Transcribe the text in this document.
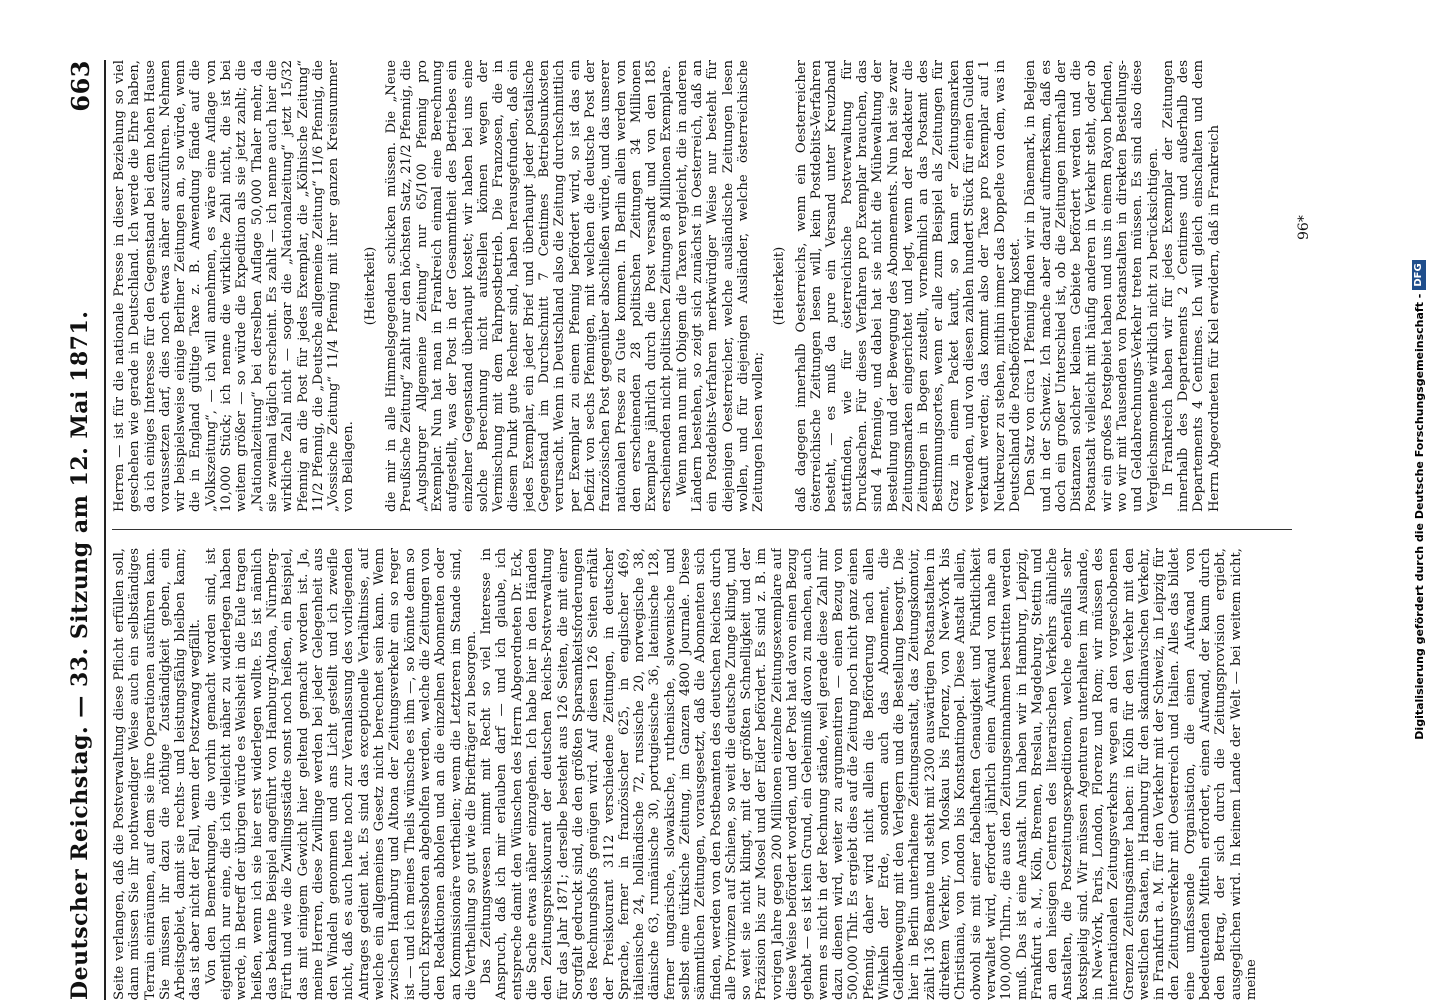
Deutscher Reichstag. — 33. Sitzung am 12. Mai 1871.
663

Seite verlangen, daß die Postverwaltung diese Pflicht erfüllen soll, dann müssen Sie ihr nothwendiger Weise auch ein selbständiges Terrain einräumen, auf dem sie ihre Operationen ausführen kann. Sie müssen ihr dazu die nöthige Zuständigkeit geben, ein Arbeitsgebiet, damit sie rechts- und leistungsfähig bleiben kann; das ist aber nicht der Fall, wenn der Postzwang wegfällt. Von den Bemerkungen, die vorhin gemacht worden sind, ist eigentlich nur eine, die ich vielleicht näher zu widerlegen haben werde, in Betreff der übrigen würde es Weisheit in die Eule tragen heißen, wenn ich sie hier erst widerlegen wollte. Es ist nämlich das bekannte Beispiel angeführt von Hamburg-Altona, Nürnberg-Fürth und wie die Zwillingsstädte sonst noch heißen, ein Beispiel, das mit einigem Gewicht hier geltend gemacht worden ist. Ja, meine Herren, diese Zwillinge werden bei jeder Gelegenheit aus den Windeln genommen und ans Licht gestellt und ich zweifle nicht, daß es auch heute noch zur Veranlassung des vorliegenden Antrages gedient hat. Es sind das exceptionelle Verhältnisse, auf welche ein allgemeines Gesetz nicht berechnet sein kann. Wenn zwischen Hamburg und Altona der Zeitungsverkehr ein so reger ist — und ich meines Theils wünsche es ihm —, so könnte denn so durch Expressboten abgeholfen werden, welche die Zeitungen von den Redaktionen abholen und an die einzelnen Abonnenten oder an Kommissionäre vertheilen; wenn die Letzteren im Stande sind, die Vertheilung so gut wie die Briefträger zu besorgen. Das Zeitungswesen nimmt mit Recht so viel Interesse in Anspruch, daß ich mir erlauben darf — und ich glaube, ich entspreche damit den Wünschen des Herrn Abgeordneten Dr. Eck, die Sache etwas näher einzugehen. Ich habe hier in den Händen den Zeitungspreiskourant der deutschen Reichs-Postverwaltung für das Jahr 1871; derselbe besteht aus 126 Seiten, die mit einer Sorgfalt gedruckt sind, die den größten Sparsamkeitsforderungen des Rechnungshofs genügen wird. Auf diesen 126 Seiten erhält der Preiskourant 3112 verschiedene Zeitungen, in deutscher Sprache, ferner in französischer 625, in englischer 469, italienische 24, holländische 72, russische 20, norwegische 38, dänische 63, rumänische 30, portugiesische 36, lateinische 128, ferner ungarische, slowakische, ruthenische, slowenische und selbst eine türkische Zeitung, im Ganzen 4800 Journale. Diese sämmtlichen Zeitungen, vorausgesetzt, daß die Abonnenten sich finden, werden von den Postbeamten des deutschen Reiches durch alle Provinzen auf Schiene, so weit die deutsche Zunge klingt, und so weit sie nicht klingt, mit der größten Schnelligkeit und der Präzision bis zur Mosel und der Eider befördert. Es sind z. B. im vorigen Jahre gegen 200 Millionen einzelne Zeitungsexemplare auf diese Weise befördert worden, und der Post hat davon einen Bezug gehabt — es ist kein Grund, ein Geheimniß davon zu machen, auch wenn es nicht in der Rechnung stände, weil gerade diese Zahl mir dazu dienen wird, weiter zu argumentiren — einen Bezug von 500,000 Thlr. Es ergiebt dies auf die Zeitung noch nicht ganz einen Pfennig, daher wird nicht allein die Beförderung nach allen Winkeln der Erde, sondern auch das Abonnement, die Geldbewegung mit den Verlegern und die Bestellung besorgt. Die hier in Berlin unterhaltene Zeitungsanstalt, das Zeitungskomtoir, zählt 136 Beamte und steht mit 2300 auswärtigen Postanstalten in direktem Verkehr, von Moskau bis Florenz, von New-York bis Christiania, von London bis Konstantinopel. Diese Anstalt allein, obwohl sie mit einer fabelhaften Genauigkeit und Pünktlichkeit verwaltet wird, erfordert jährlich einen Aufwand von nahe an 100,000 Thlrn., die aus den Zeitungseinnahmen bestritten werden muß. Das ist eine Anstalt. Nun haben wir in Hamburg, Leipzig, Frankfurt a. M., Köln, Bremen, Breslau, Magdeburg, Stettin und an den hiesigen Centren des literarischen Verkehrs ähnliche Anstalten, die Postzeitungsexpeditionen, welche ebenfalls sehr kostspielig sind. Wir müssen Agenturen unterhalten im Auslande, in New-York, Paris, London, Florenz und Rom; wir müssen des internationalen Zeitungsverkehrs wegen an den vorgeschobenen Grenzen Zeitungsämter haben: in Köln für den Verkehr mit den westlichen Staaten, in Hamburg für den skandinavischen Verkehr, in Frankfurt a. M. für den Verkehr mit der Schweiz, in Leipzig für den Zeitungsverkehr mit Oesterreich und Italien. Alles das bildet eine umfassende Organisation, die einen Aufwand von bedeutenden Mitteln erfordert, einen Aufwand, der kaum durch den Betrag, der sich durch die Zeitungsprovision ergiebt, ausgeglichen wird. In keinem Lande der Welt — bei weitem nicht, meine

Herren — ist für die nationale Presse in dieser Beziehung so viel geschehen wie gerade in Deutschland. Ich werde die Ehre haben, da ich einiges Interesse für den Gegenstand bei dem hohen Hause voraussetzen darf, dies noch etwas näher auszuführen. Nehmen wir beispielsweise einige Berliner Zeitungen an, so würde, wenn die in England gültige Taxe z. B. Anwendung fände auf die „Volkszeitung“, — ich will annehmen, es wäre eine Auflage von 10,000 Stück; ich nenne die wirkliche Zahl nicht, die ist bei weitem größer — so würde die Expedition als sie jetzt zahlt; die „Nationalzeitung“ bei derselben Auflage 50,000 Thaler mehr, da sie zweimal täglich erscheint. Es zahlt — ich nenne auch hier die wirkliche Zahl nicht — sogar die „Nationalzeitung“ jetzt 15/32 Pfennig an die Post für jedes Exemplar, die „Kölnische Zeitung“ 11/2 Pfennig, die „Deutsche allgemeine Zeitung“ 11/6 Pfennig, die „Vossische Zeitung“ 11/4 Pfennig mit ihrer ganzen Kreisnummer von Beilagen.

(Heiterkeit) die mir in alle Himmelsgegenden schicken müssen. Die „Neue Preußische Zeitung“ zahlt nur den höchsten Satz, 21/2 Pfennig, die „Augsburger Allgemeine Zeitung“ nur 65/100 Pfennig pro Exemplar. Nun hat man in Frankreich einmal eine Berechnung aufgestellt, was der Post in der Gesammtheit des Betriebes ein einzelner Gegenstand überhaupt kostet; wir haben bei uns eine solche Berechnung nicht aufstellen können wegen der Vermischung mit dem Fahrpostbetrieb. Die Franzosen, die in diesem Punkt gute Rechner sind, haben herausgefunden, daß ein jedes Exemplar, ein jeder Brief und überhaupt jeder postalische Gegenstand im Durchschnitt 7 Centimes Betriebsunkosten verursacht. Wenn in Deutschland also die Zeitung durchschnittlich per Exemplar zu einem Pfennig befördert wird, so ist das ein Defizit von sechs Pfennigen, mit welchen die deutsche Post der französischen Post gegenüber abschließen würde, und das unserer nationalen Presse zu Gute kommen. In Berlin allein werden von den erscheinenden 28 politischen Zeitungen 34 Millionen Exemplare jährlich durch die Post versandt und von den 185 erscheinenden nicht politischen Zeitungen 8 Millionen Exemplare. Wenn man nun mit Obigem die Taxen vergleicht, die in anderen Ländern bestehen, so zeigt sich zunächst in Oesterreich, daß an ein Postdebits-Verfahren merkwürdiger Weise nur besteht für diejenigen Oesterreicher, welche ausländische Zeitungen lesen wollen, und für diejenigen Ausländer, welche österreichische Zeitungen lesen wollen;

(Heiterkeit) daß dagegen innerhalb Oesterreichs, wenn ein Oesterreicher österreichische Zeitungen lesen will, kein Postdebits-Verfahren besteht, — es muß da pure ein Versand unter Kreuzband stattfinden, wie für österreichische Postverwaltung für Drucksachen. Für dieses Verfahren pro Exemplar brauchen, das sind 4 Pfennige, und dabei hat sie nicht die Mühewaltung der Bestellung und der Bewegung des Abonnements. Nun hat sie zwar Zeitungsmarken eingerichtet und legt, wenn der Redakteur die Zeitungen in Bogen zustellt, vornehmlich an das Postamt des Bestimmungsortes, wenn er alle zum Beispiel als Zeitungen für Graz in einem Packet kauft, so kann er Zeitungsmarken verwenden, und von diesen zahlen hundert Stück für einen Gulden verkauft werden; das kommt also der Taxe pro Exemplar auf 1 Neukreuzer zu stehen, mithin immer das Doppelte von dem, was in Deutschland die Postbeförderung kostet. Den Satz von circa 1 Pfennig finden wir in Dänemark, in Belgien und in der Schweiz. Ich mache aber darauf aufmerksam, daß es doch ein großer Unterschied ist, ob die Zeitungen innerhalb der Distanzen solcher kleinen Gebiete befördert werden und die Postanstalt vielleicht mit häufig anderen in Verkehr steht, oder ob wir ein großes Postgebiet haben und uns in einem Rayon befinden, wo wir mit Tausenden von Postanstalten in direkten Bestellungs- und Geldabrechnungs-Verkehr treten müssen. Es sind also diese Vergleichsmomente wirklich nicht zu berücksichtigen. In Frankreich haben wir für jedes Exemplar der Zeitungen innerhalb des Departements 2 Centimes und außerhalb des Departements 4 Centimes. Ich will gleich einschalten und dem Herrn Abgeordneten für Kiel erwidern, daß in Frankreich	96*
Digitalisierung gefördert durch die Deutsche Forschungsgemeinschaft -
DFG
